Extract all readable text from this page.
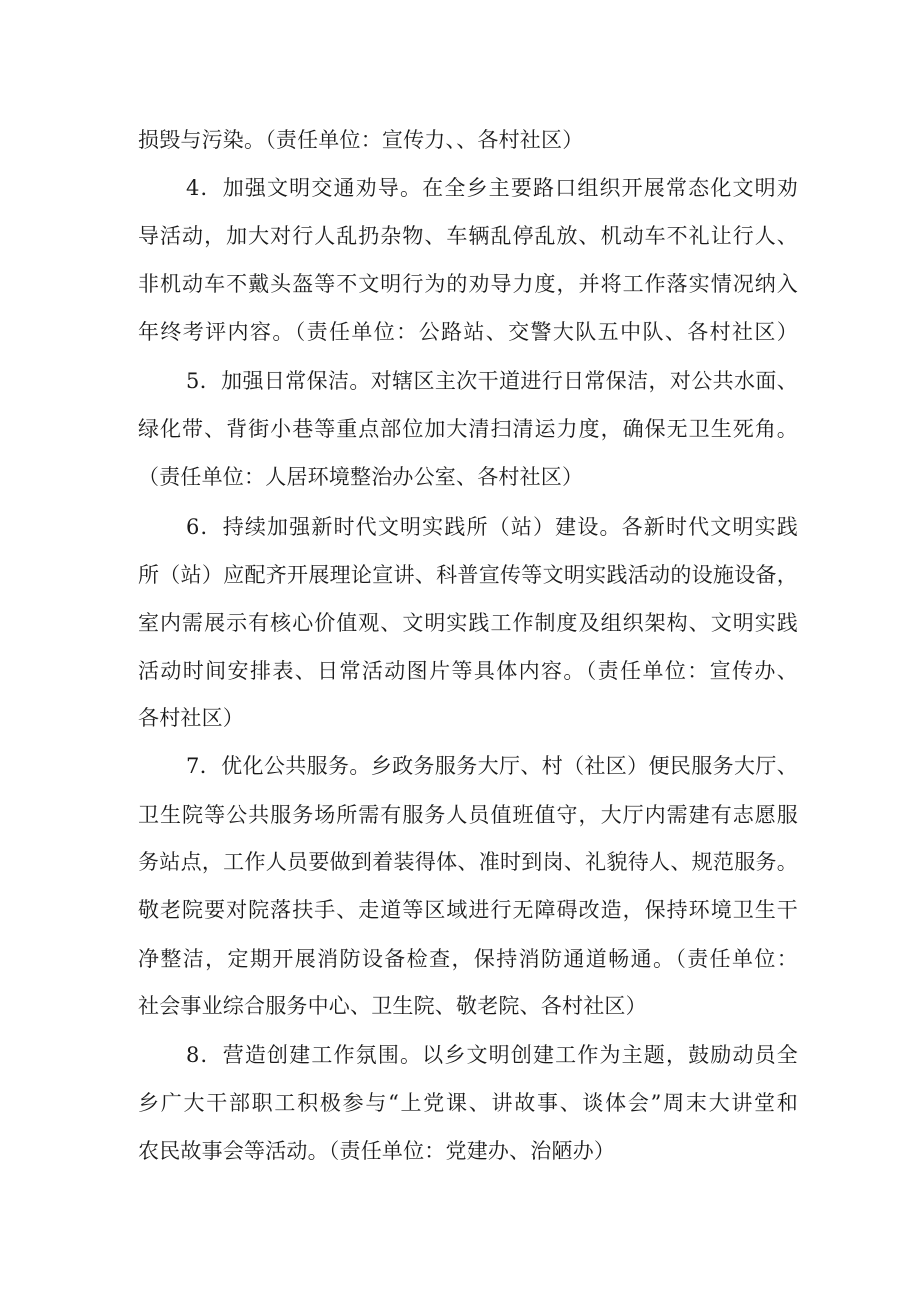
损毁与污染。（责任单位：宣传力、、各村社区）
4．加强文明交通劝导。在全乡主要路口组织开展常态化文明劝
导活动，加大对行人乱扔杂物、车辆乱停乱放、机动车不礼让行人、
非机动车不戴头盔等不文明行为的劝导力度，并将工作落实情况纳入
年终考评内容。（责任单位：公路站、交警大队五中队、各村社区）
5．加强日常保洁。对辖区主次干道进行日常保洁，对公共水面、
绿化带、背街小巷等重点部位加大清扫清运力度，确保无卫生死角。
（责任单位：人居环境整治办公室、各村社区）
6．持续加强新时代文明实践所（站）建设。各新时代文明实践
所（站）应配齐开展理论宣讲、科普宣传等文明实践活动的设施设备，
室内需展示有核心价值观、文明实践工作制度及组织架构、文明实践
活动时间安排表、日常活动图片等具体内容。（责任单位：宣传办、
各村社区）
7．优化公共服务。乡政务服务大厅、村（社区）便民服务大厅、
卫生院等公共服务场所需有服务人员值班值守，大厅内需建有志愿服
务站点，工作人员要做到着装得体、准时到岗、礼貌待人、规范服务。
敬老院要对院落扶手、走道等区域进行无障碍改造，保持环境卫生干
净整洁，定期开展消防设备检查，保持消防通道畅通。（责任单位：
社会事业综合服务中心、卫生院、敬老院、各村社区）
8．营造创建工作氛围。以乡文明创建工作为主题，鼓励动员全
乡广大干部职工积极参与“上党课、讲故事、谈体会”周末大讲堂和
农民故事会等活动。（责任单位：党建办、治陋办）
